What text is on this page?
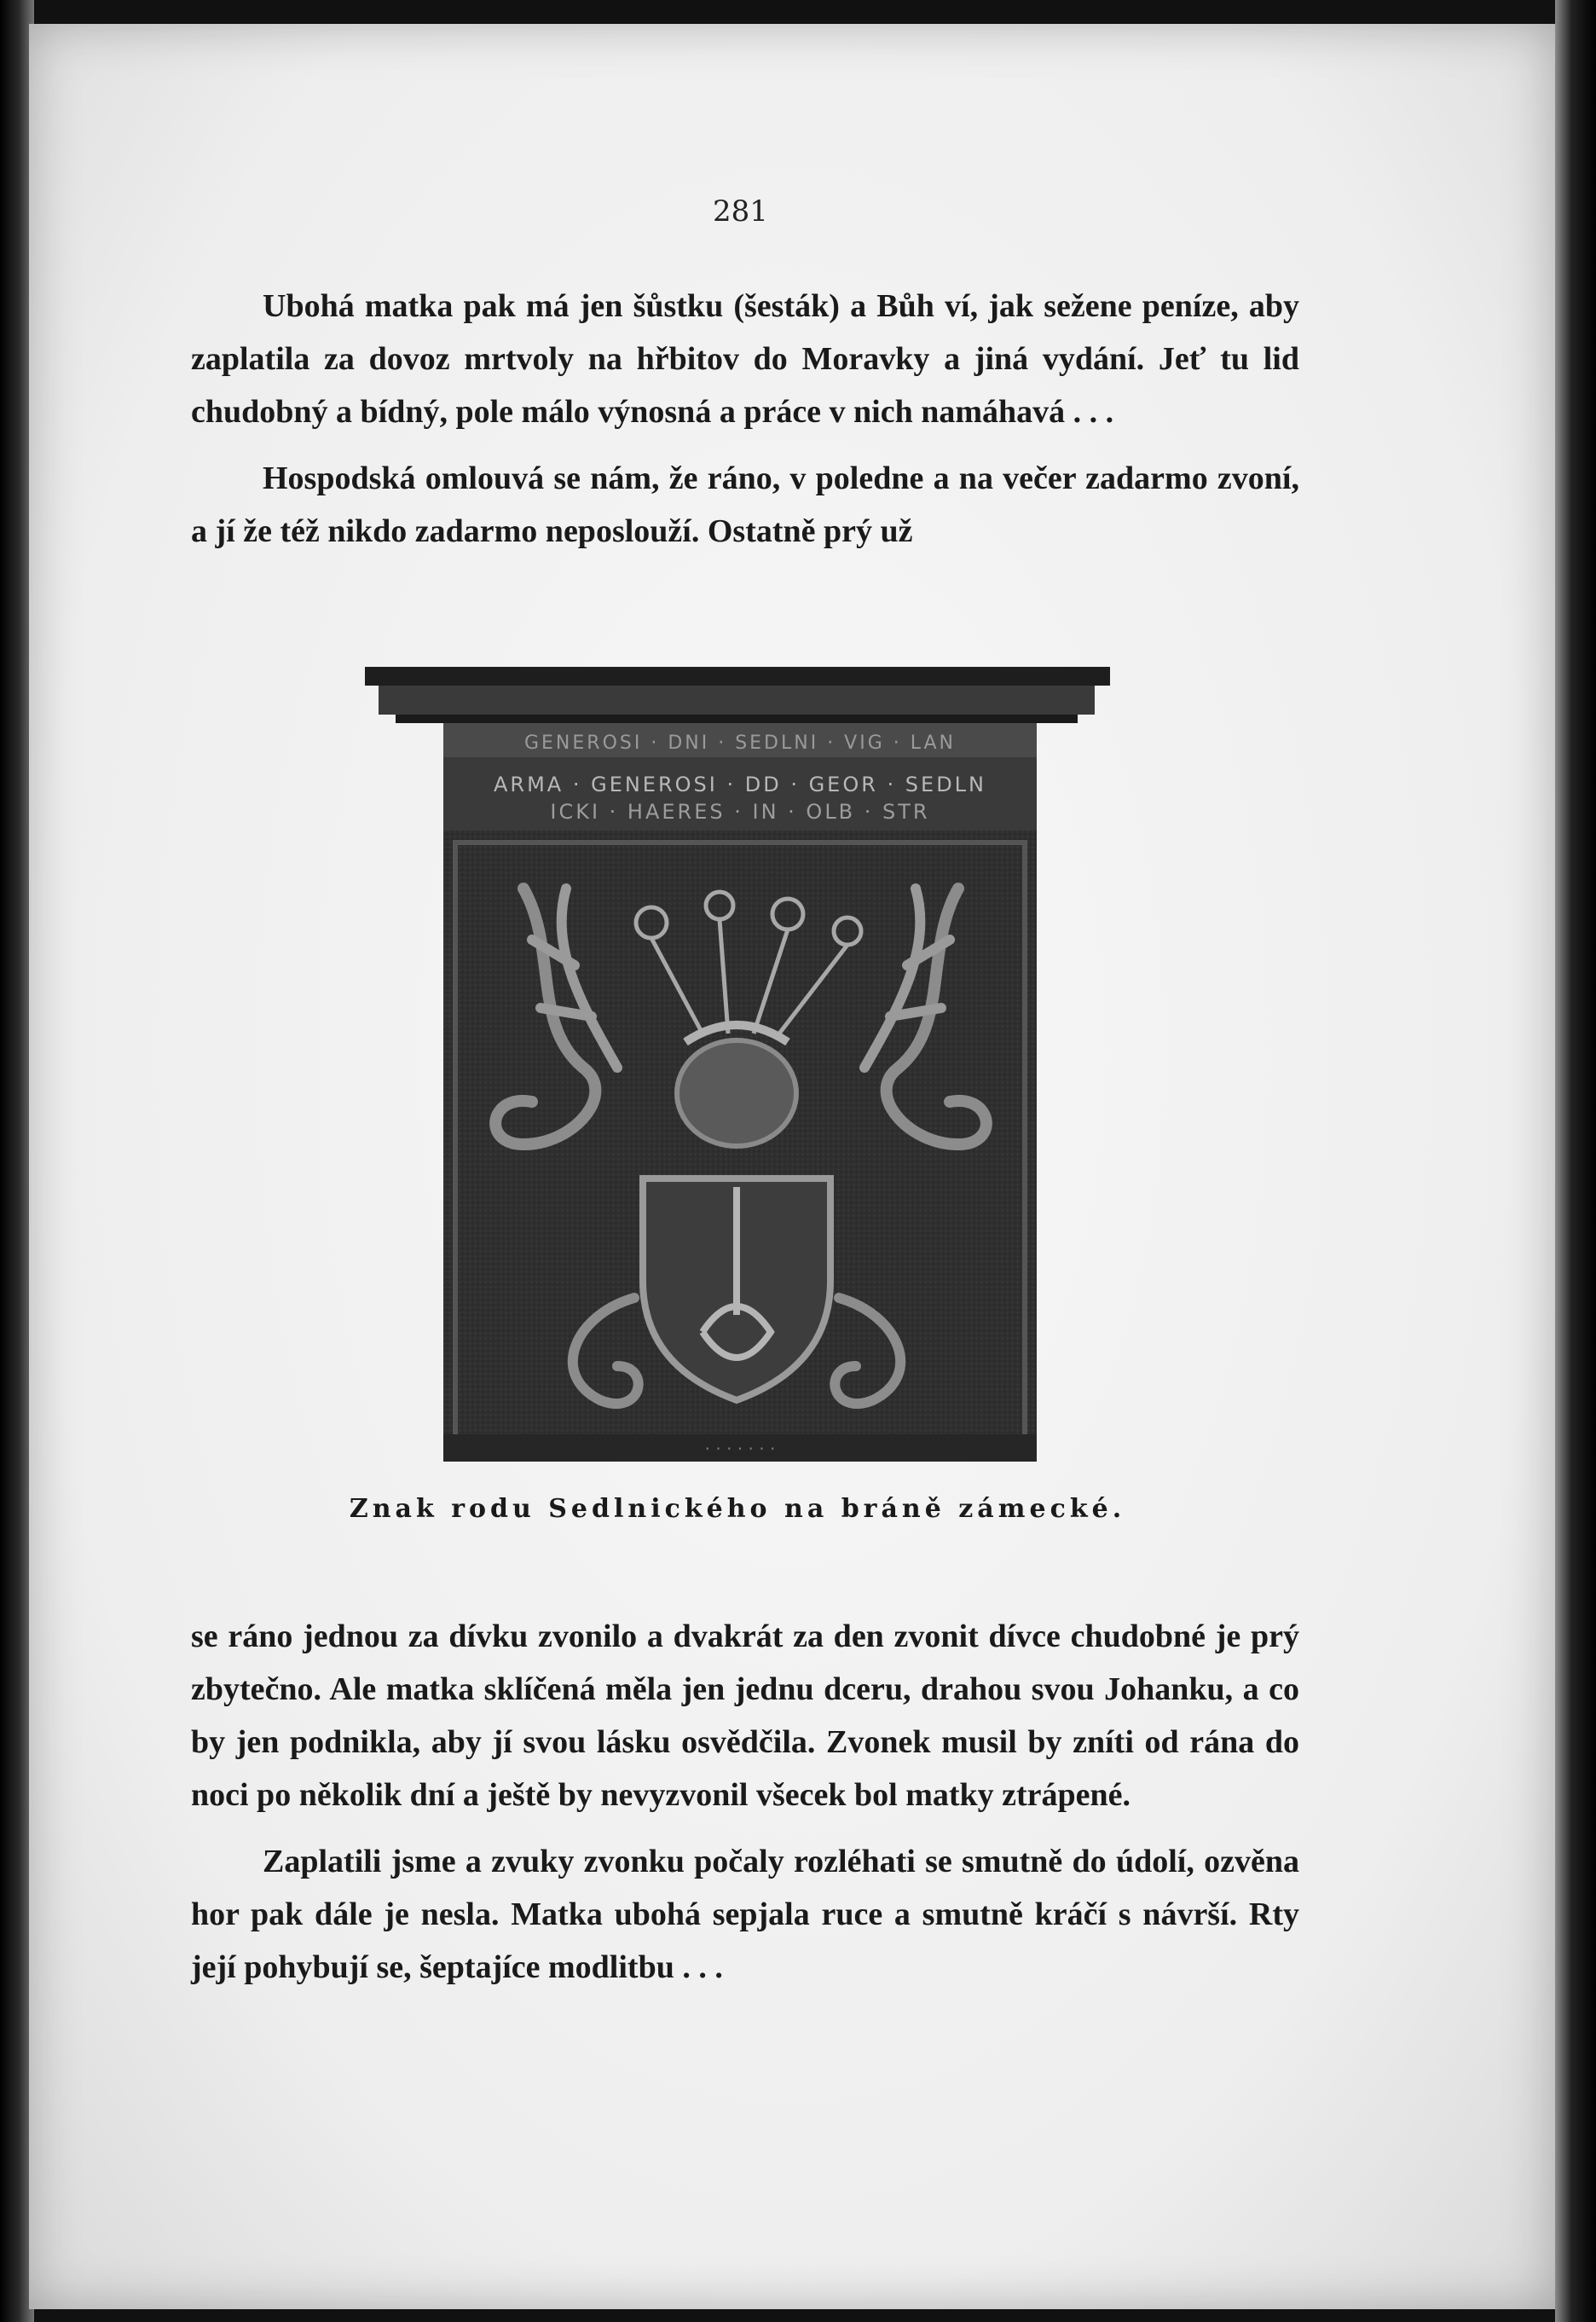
281

Ubohá matka pak má jen šůstku (šesták) a Bůh ví, jak sežene peníze, aby zaplatila za dovoz mrtvoly na hřbitov do Moravky a jiná vydání. Jeť tu lid chudobný a bídný, pole málo výnosná a práce v nich namáhavá . . .

Hospodská omlouvá se nám, že ráno, v poledne a na večer zadarmo zvoní, a jí že též nikdo zadarmo neposlouží. Ostatně prý už

GENEROSI · DNI · SEDLNI · VIG · LAN
ARMA · GENEROSI · DD · GEOR · SEDLN
ICKI · HAERES · IN · OLB · STR
· · · · · · ·
Znak rodu Sedlnického na bráně zámecké.

se ráno jednou za dívku zvonilo a dvakrát za den zvonit dívce chudobné je prý zbytečno. Ale matka sklíčená měla jen jednu dceru, drahou svou Johanku, a co by jen podnikla, aby jí svou lásku osvědčila. Zvonek musil by zníti od rána do noci po několik dní a ještě by nevyzvonil všecek bol matky ztrápené.

Zaplatili jsme a zvuky zvonku počaly rozléhati se smutně do údolí, ozvěna hor pak dále je nesla. Matka ubohá sepjala ruce a smutně kráčí s návrší. Rty její pohybují se, šeptajíce modlitbu . . .
